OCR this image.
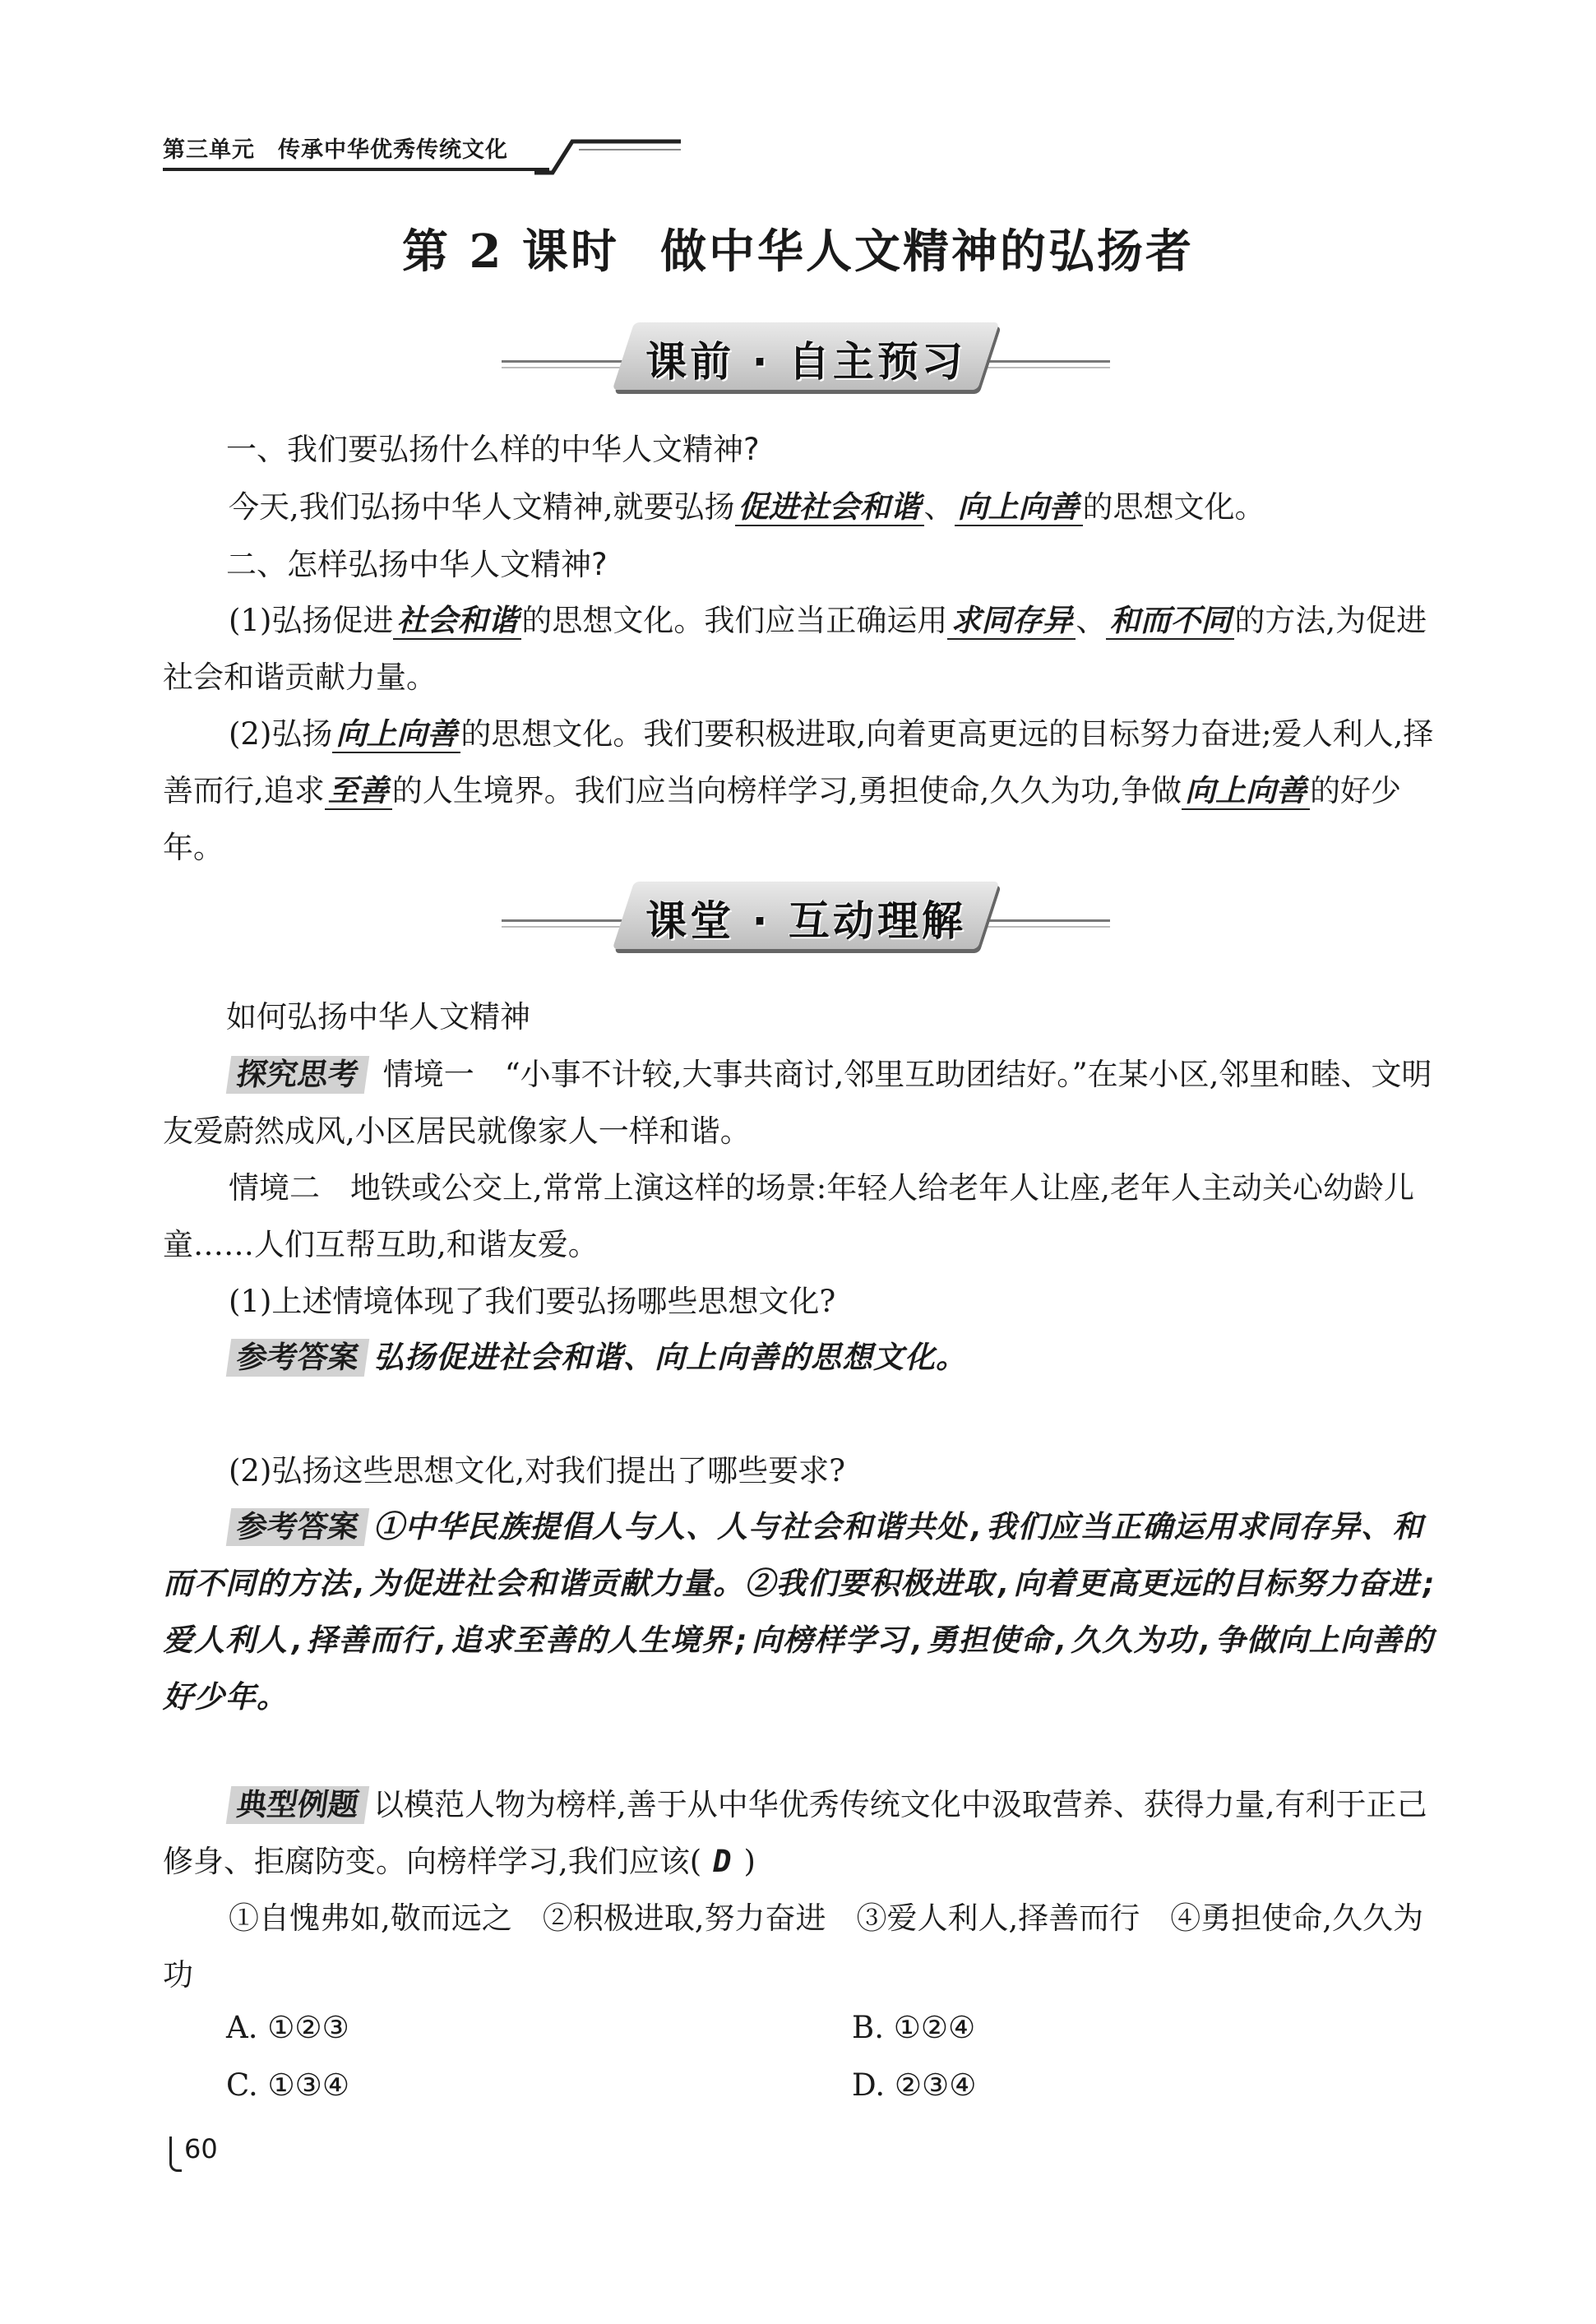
第三单元 传承中华优秀传统文化
第 2 课时 做中华人文精神的弘扬者
课前 · 自主预习
一、我们要弘扬什么样的中华人文精神?
今天,我们弘扬中华人文精神,就要弘扬 促进社会和谐 、 向上向善 的思想文化。
二、怎样弘扬中华人文精神?
(1)弘扬促进 社会和谐 的思想文化。我们应当正确运用 求同存异 、 和而不同 的方法,为促进社会和谐贡献力量。
(2)弘扬 向上向善 的思想文化。我们要积极进取,向着更高更远的目标努力奋进;爱人利人,择善而行,追求 至善 的人生境界。我们应当向榜样学习,勇担使命,久久为功,争做 向上向善 的好少年。
课堂 · 互动理解
如何弘扬中华人文精神
探究思考 情境一　 “小事不计较,大事共商讨,邻里互助团结好。”在某小区,邻里和睦、文明友爱蔚然成风,小区居民就像家人一样和谐。
情境二　 地铁或公交上,常常上演这样的场景:年轻人给老年人让座,老年人主动关心幼龄儿童……人们互帮互助,和谐友爱。
(1)上述情境体现了我们要弘扬哪些思想文化?
参考答案 弘扬促进社会和谐、向上向善的思想文化。
(2)弘扬这些思想文化,对我们提出了哪些要求?
参考答案 ①中华民族提倡人与人、人与社会和谐共处,我们应当正确运用求同存异、和而不同的方法,为促进社会和谐贡献力量。②我们要积极进取,向着更高更远的目标努力奋进;爱人利人,择善而行,追求至善的人生境界;向榜样学习,勇担使命,久久为功,争做向上向善的好少年。
典型例题 以模范人物为榜样,善于从中华优秀传统文化中汲取营养、获得力量,有利于正己修身、拒腐防变。向榜样学习,我们应该( D )
①自愧弗如,敬而远之　②积极进取,努力奋进　③爱人利人,择善而行　④勇担使命,久久为功
A. ①②③	B. ①②④
C. ①③④	D. ②③④
60
